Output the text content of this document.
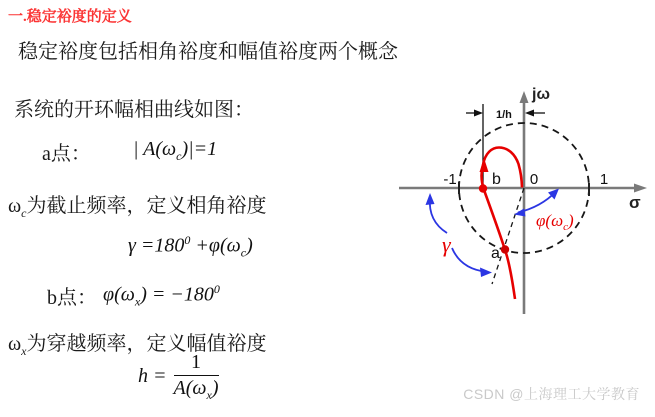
一.稳定裕度的定义
稳定裕度包括相角裕度和幅值裕度两个概念
系统的开环幅相曲线如图：
a点： | $A(\omega_c)|=1$
$\omega_c$为截止频率，定义相角裕度
$\gamma =180^0 +\varphi(\omega_c)$
b点： $\varphi(\omega_x) = -180^0$
$\omega_x$为穿越频率，定义幅值裕度
$h = \frac{1}{A(\omega_x)}$
1/h
b
a
-1	0	1
jω
σ
γ
$\varphi(\omega_c)$
CSDN @上海理工大学教育
